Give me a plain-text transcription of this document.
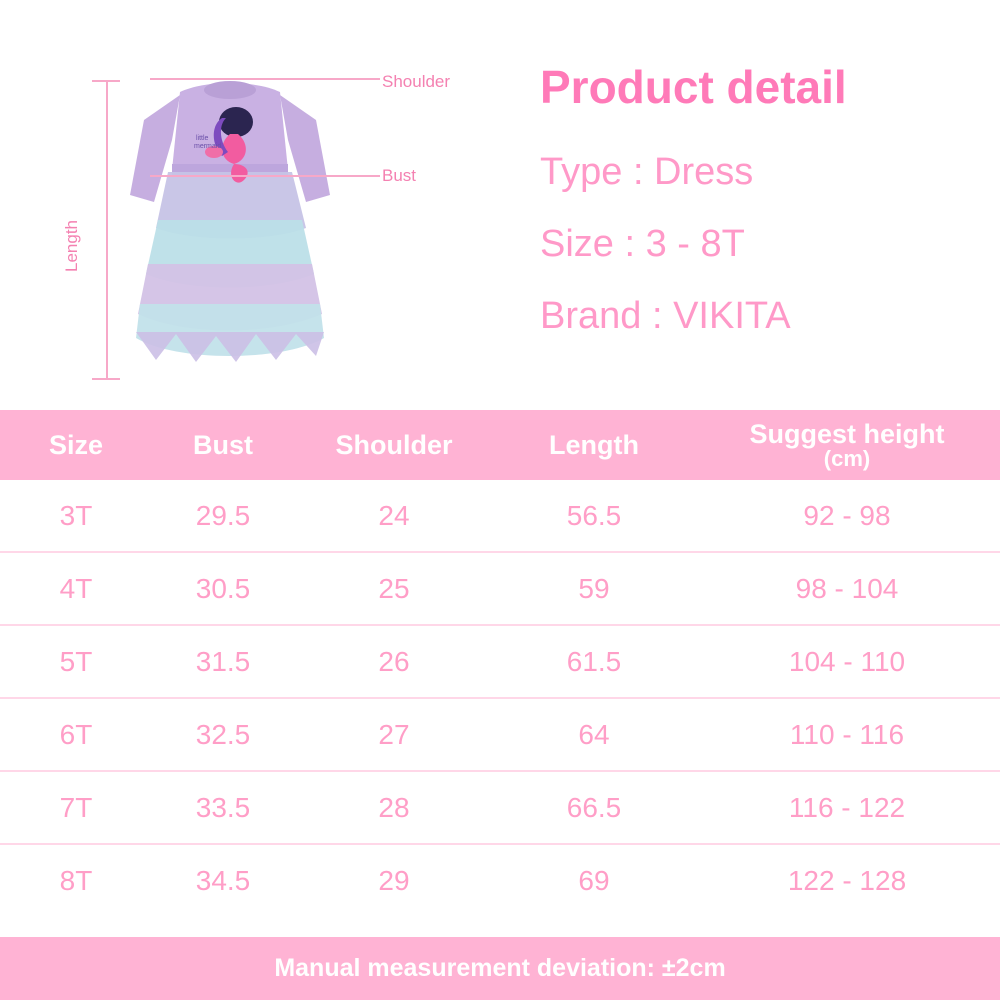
little
mermaid
Shoulder
Bust
Length
Product detail
Type : Dress
Size : 3 - 8T
Brand : VIKITA
Size	Bust	Shoulder	Length	Suggest height
(cm)

3T	29.5	24	56.5	92 - 98
4T	30.5	25	59	98 - 104
5T	31.5	26	61.5	104 - 110
6T	32.5	27	64	110 - 116
7T	33.5	28	66.5	116 - 122
8T	34.5	29	69	122 - 128
Manual measurement deviation: ±2cm
